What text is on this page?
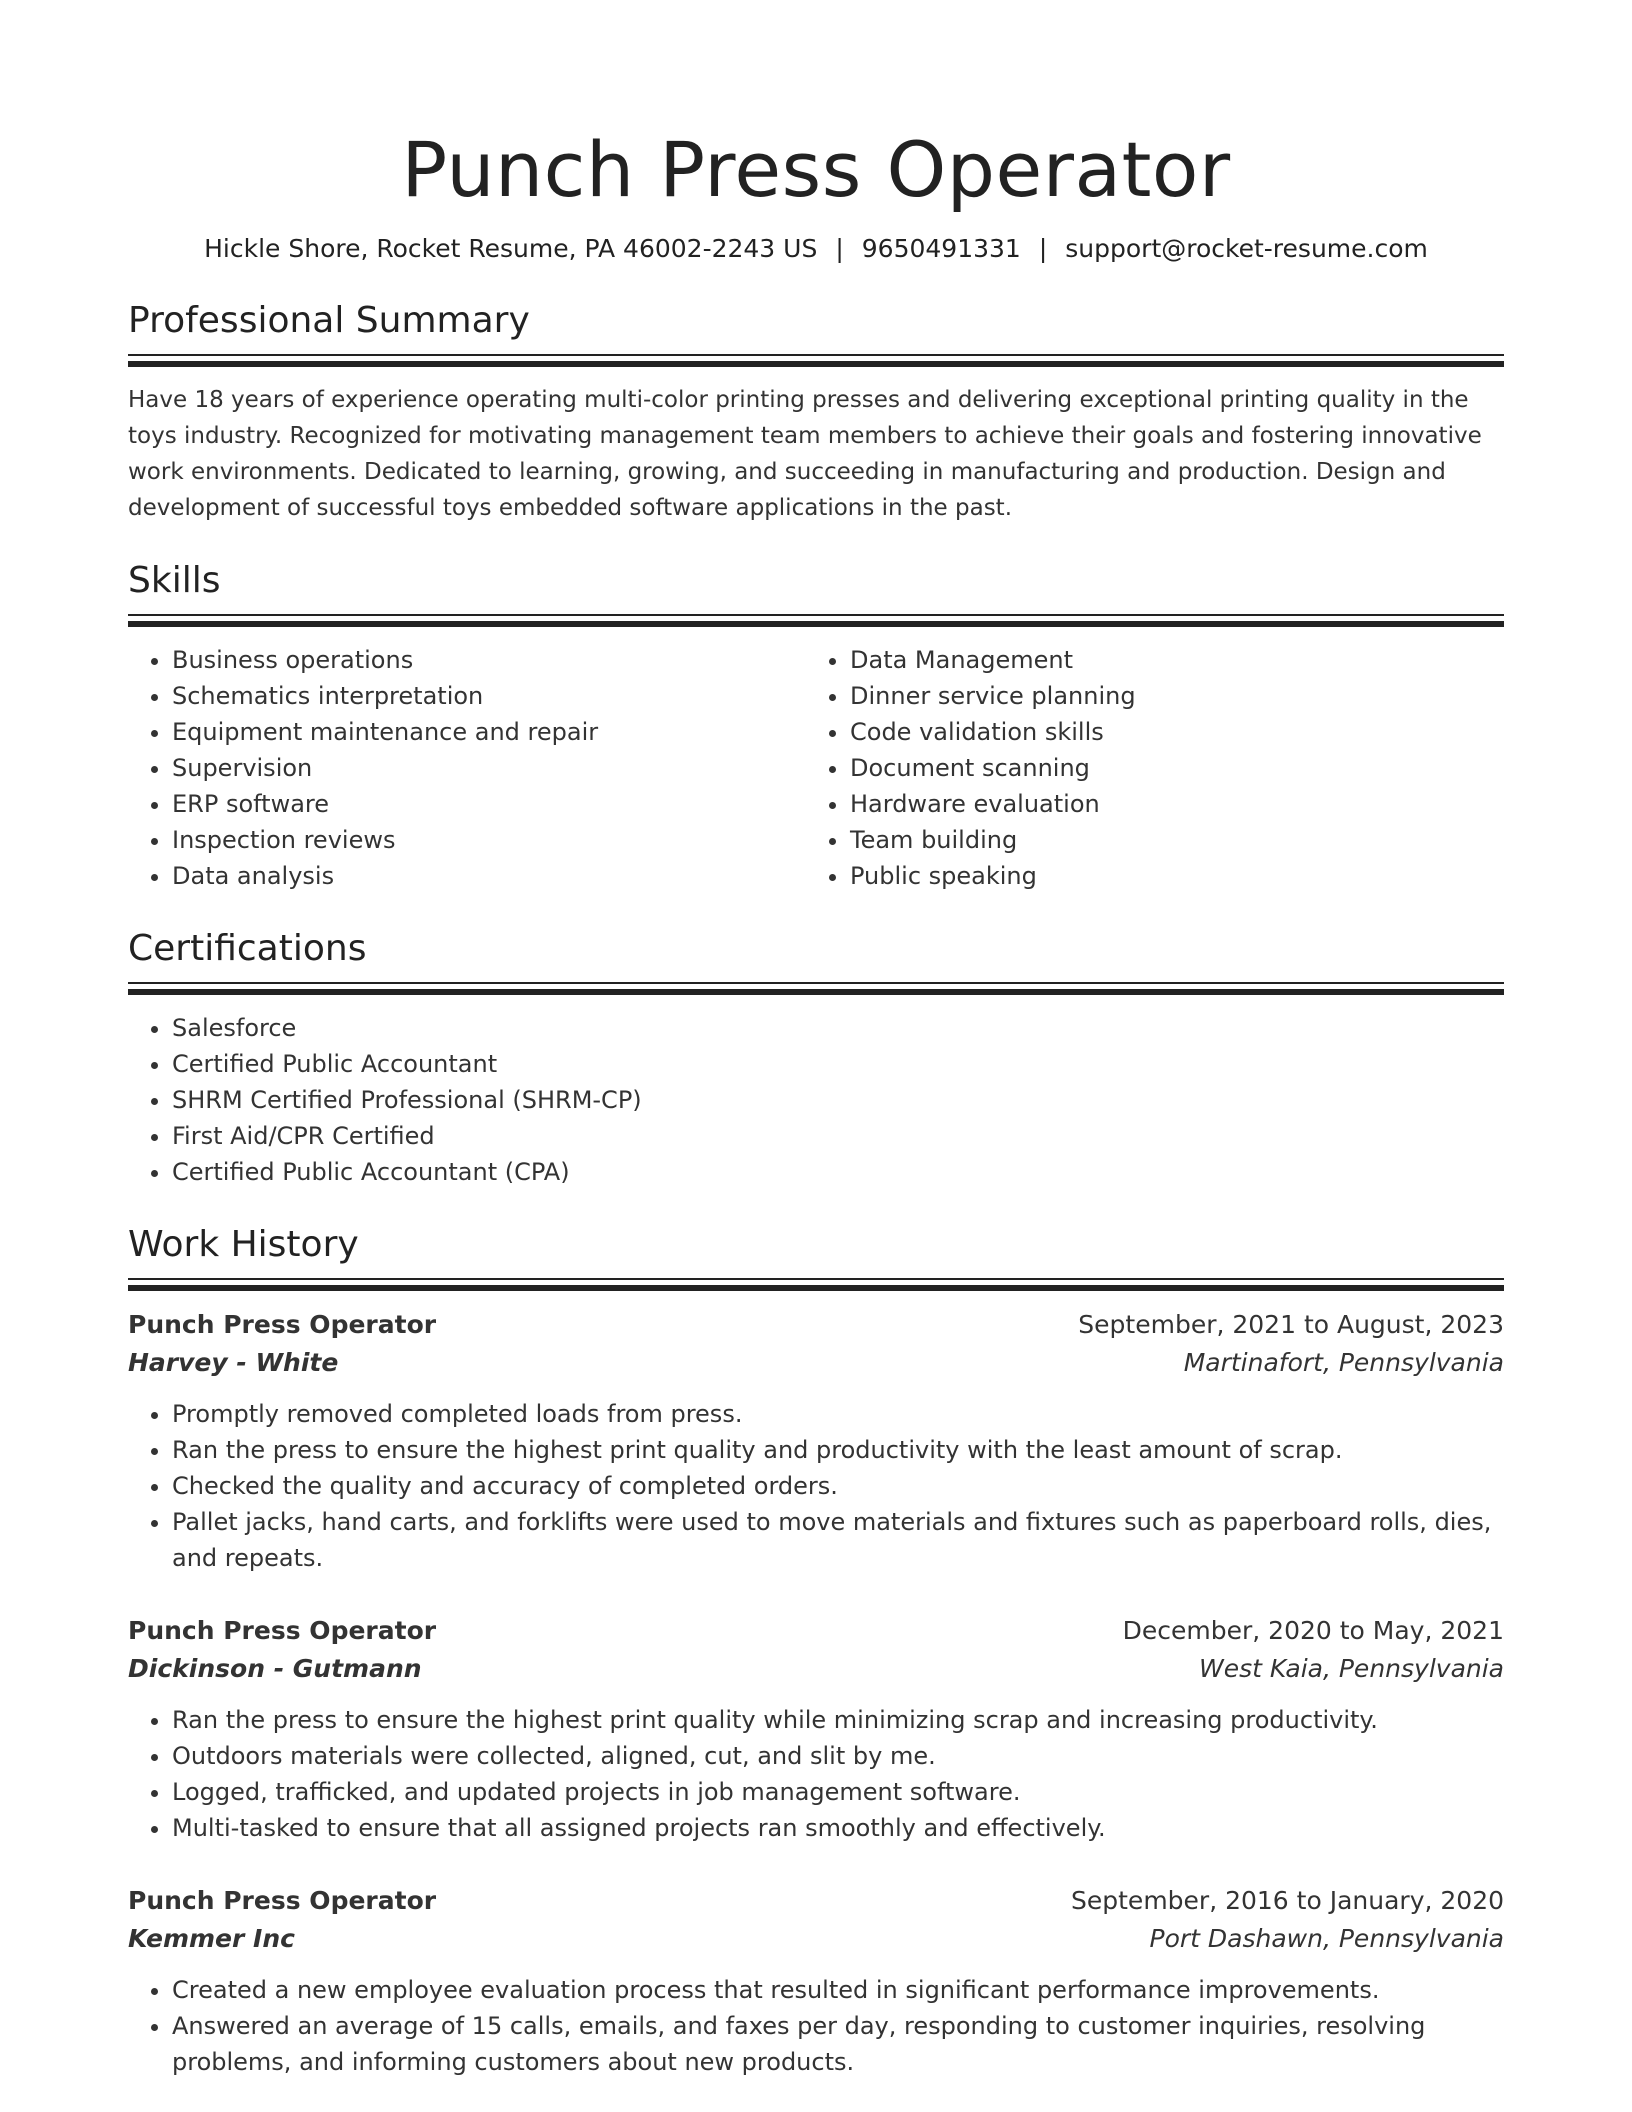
Punch Press Operator
Hickle Shore, Rocket Resume, PA 46002-2243 US | 9650491331 | support@rocket-resume.com
Professional Summary
Have 18 years of experience operating multi-color printing presses and delivering exceptional printing quality in the toys industry. Recognized for motivating management team members to achieve their goals and fostering innovative work environments. Dedicated to learning, growing, and succeeding in manufacturing and production. Design and development of successful toys embedded software applications in the past.
Skills
• Business operations
• Schematics interpretation
• Equipment maintenance and repair
• Supervision
• ERP software
• Inspection reviews
• Data analysis
• Data Management
• Dinner service planning
• Code validation skills
• Document scanning
• Hardware evaluation
• Team building
• Public speaking
Certifications
• Salesforce
• Certified Public Accountant
• SHRM Certified Professional (SHRM-CP)
• First Aid/CPR Certified
• Certified Public Accountant (CPA)
Work History
Punch Press Operator	September, 2021 to August, 2023
Harvey - White	Martinafort, Pennsylvania
• Promptly removed completed loads from press.
• Ran the press to ensure the highest print quality and productivity with the least amount of scrap.
• Checked the quality and accuracy of completed orders.
• Pallet jacks, hand carts, and forklifts were used to move materials and fixtures such as paperboard rolls, dies, and repeats.
Punch Press Operator	December, 2020 to May, 2021
Dickinson - Gutmann	West Kaia, Pennsylvania
• Ran the press to ensure the highest print quality while minimizing scrap and increasing productivity.
• Outdoors materials were collected, aligned, cut, and slit by me.
• Logged, trafficked, and updated projects in job management software.
• Multi-tasked to ensure that all assigned projects ran smoothly and effectively.
Punch Press Operator	September, 2016 to January, 2020
Kemmer Inc	Port Dashawn, Pennsylvania
• Created a new employee evaluation process that resulted in significant performance improvements.
• Answered an average of 15 calls, emails, and faxes per day, responding to customer inquiries, resolving problems, and informing customers about new products.
